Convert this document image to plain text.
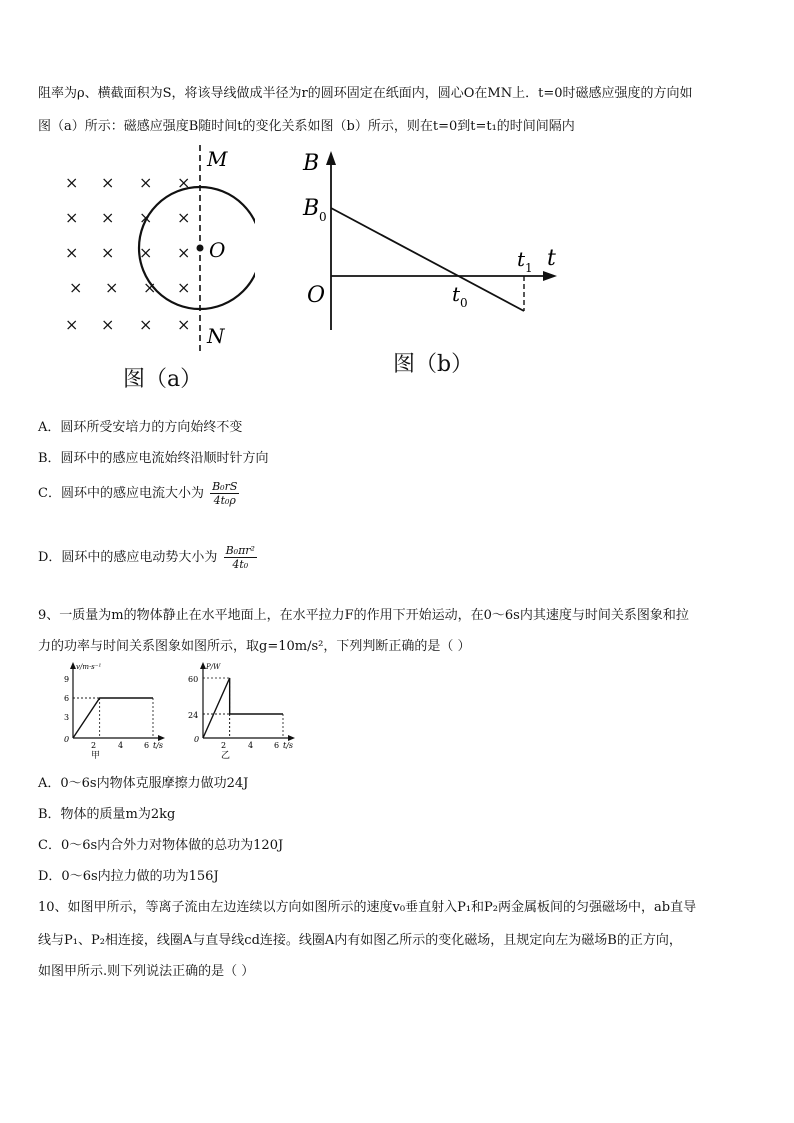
阻率为ρ、横截面积为S，将该导线做成半径为r的圆环固定在纸面内，圆心O在MN上．t=0时磁感应强度的方向如
图（a）所示：磁感应强度B随时间t的变化关系如图（b）所示，则在t=0到t=t₁的时间间隔内
× × × ×
× × × ×
× × × ×
× × × ×
× × × ×
M
O
N
图（a）
B
B 0
O	t 0
t 1 t
图（b）
A．圆环所受安培力的方向始终不变
B．圆环中的感应电流始终沿顺时针方向
C．圆环中的感应电流大小为 $\frac{\text{B₀rS}}{\text{4t₀ρ}}$
D．圆环中的感应电动势大小为 $\frac{\text{B₀πr²}}{\text{4t₀}}$
9、一质量为m的物体静止在水平地面上，在水平拉力F的作用下开始运动，在0～6s内其速度与时间关系图象和拉
力的功率与时间关系图象如图所示，取g=10m/s²，下列判断正确的是（ ）
v/m·s⁻¹
9
6
3
0
2	4	6 t/s
甲
P/W
60
24
0
2	4	6 t/s
乙
A．0～6s内物体克服摩擦力做功24J
B．物体的质量m为2kg
C．0～6s内合外力对物体做的总功为120J
D．0～6s内拉力做的功为156J
10、如图甲所示，等离子流由左边连续以方向如图所示的速度v₀垂直射入P₁和P₂两金属板间的匀强磁场中，ab直导
线与P₁、P₂相连接，线圈A与直导线cd连接。线圈A内有如图乙所示的变化磁场，且规定向左为磁场B的正方向，
如图甲所示.则下列说法正确的是（ ）
